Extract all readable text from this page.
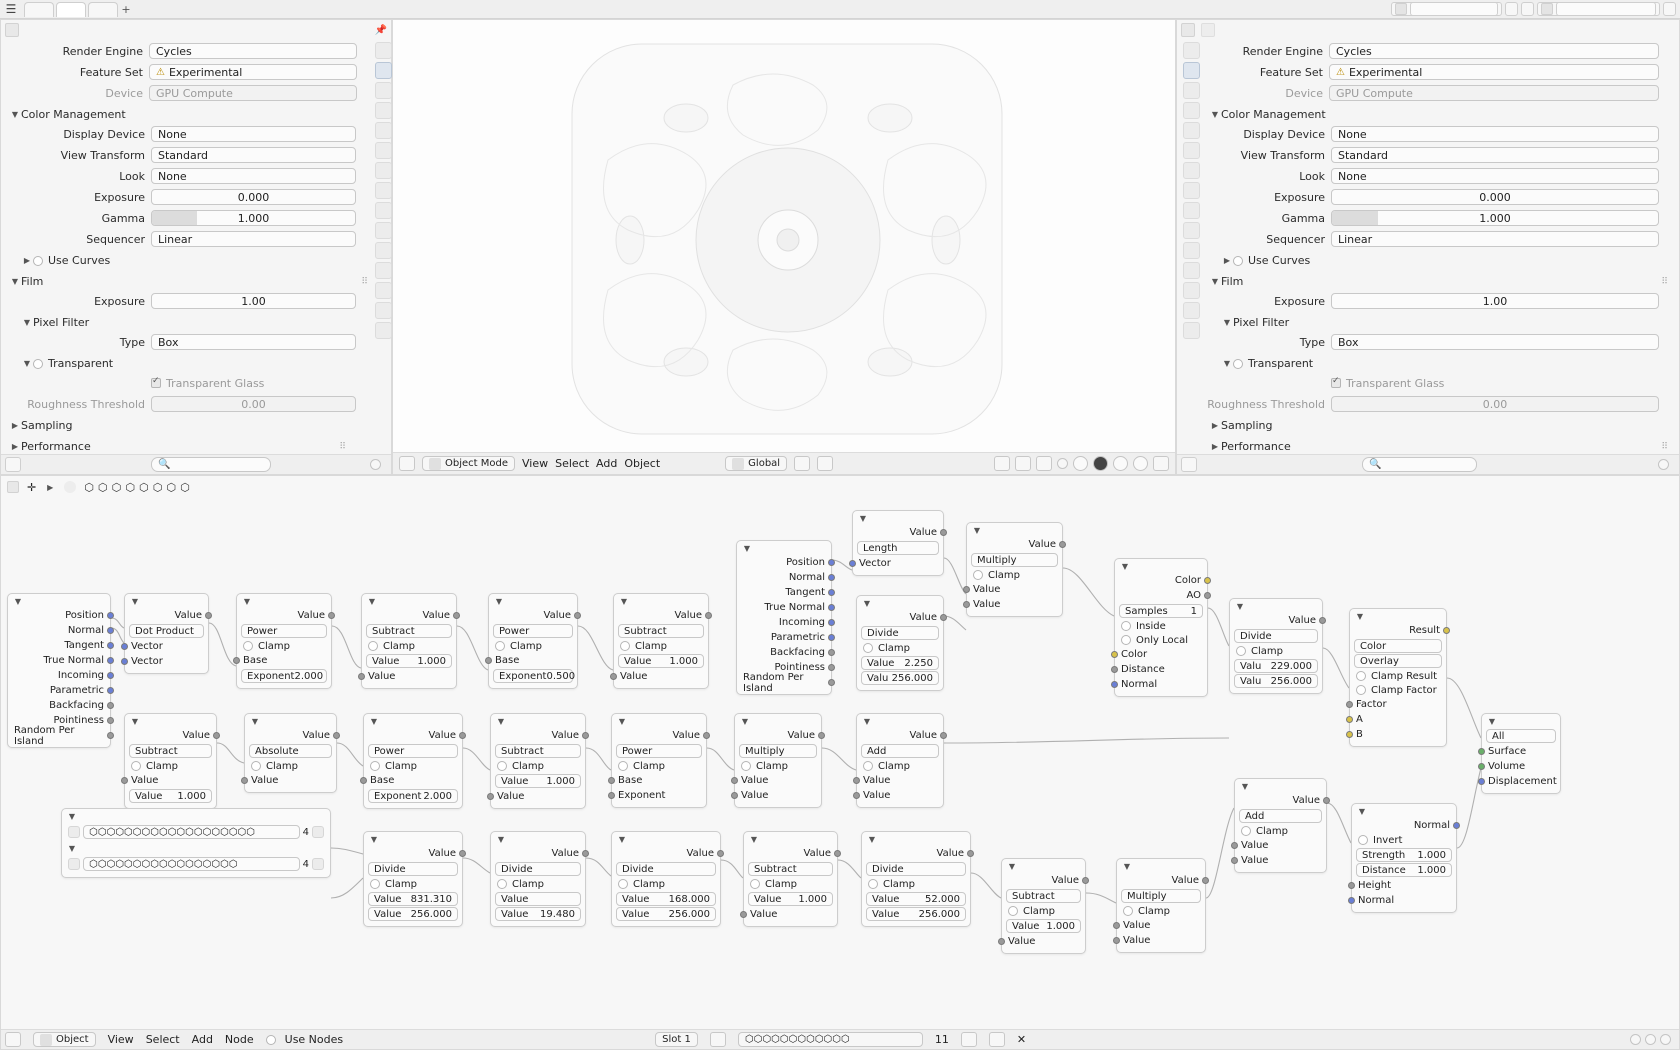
☰	+
📌
Render Engine	Cycles
Feature Set	⚠ Experimental
Device	GPU Compute
▼ Color Management
Display Device	None
View Transform	Standard
Look	None
Exposure	0.000
Gamma	1.000
Sequencer	Linear
▶ Use Curves
▼ Film	⠿
Exposure	1.00
▼ Pixel Filter
Type	Box
▼ Transparent
✓
Transparent Glass
Roughness Threshold	0.00
▶ Sampling
▶ Performance	⠿
🔍	Object Mode View Select Add Object	Global
Render Engine	Cycles
Feature Set	⚠ Experimental
Device	GPU Compute
▼ Color Management
Display Device	None
View Transform	Standard
Look	None
Exposure	0.000
Gamma	1.000
Sequencer	Linear
▶ Use Curves
▼ Film	⠿
Exposure	1.00
▼ Pixel Filter
Type	Box
▼ Transparent
✓
Transparent Glass
Roughness Threshold	0.00
▶ Sampling
▶ Performance	⠿
🔍
✛	▶	⬡ ⬡ ⬡ ⬡ ⬡ ⬡ ⬡ ⬡
▼
Position
Normal
Tangent
True Normal
Incoming
Parametric
Backfacing
Pointiness
Random Per Island
▼
Value
Dot Product
Vector
Vector
▼
Value
Power
Clamp
Base
Exponent 2.000
▼
Value
Subtract
Clamp
Value 1.000
Value
▼
Value
Power
Clamp
Base
Exponent 0.500
▼
Value
Subtract
Clamp
Value 1.000
Value
▼
Position
Normal
Tangent
True Normal
Incoming
Parametric
Backfacing
Pointiness
Random Per Island
▼
Value
Length
Vector
▼
Value
Divide
Clamp
Value 2.250
Valu 256.000
▼
Value
Multiply
Clamp
Value
Value
▼
Color
AO
Samples 1
Inside
Only Local
Color
Distance
Normal
▼
Value
Divide
Clamp
Valu 229.000
Valu 256.000
▼
Result
Color
Overlay
Clamp Result
Clamp Factor
Factor
A
B
▼
All
Surface
Volume
Displacement
▼
Value
Subtract
Clamp
Value
Value 1.000
▼
Value
Absolute
Clamp
Value
▼
Value
Power
Clamp
Base
Exponent 2.000
▼
Value
Subtract
Clamp
Value 1.000
Value
▼
Value
Power
Clamp
Base
Exponent
▼
Value
Multiply
Clamp
Value
Value
▼
Value
Add
Clamp
Value
Value
▼
Value
Add
Clamp
Value
Value
▼
Normal
Invert
Strength 1.000
Distance 1.000
Height
Normal
▼
Value
Divide
Clamp
Value 831.310
Value 256.000
▼
Value
Divide
Clamp
Value
Value 19.480
▼
Value
Divide
Clamp
Value 168.000
Value 256.000
▼
Value
Subtract
Clamp
Value 1.000
Value
▼
Value
Divide
Clamp
Value	52.000
Value 256.000
▼
Value
Subtract
Clamp
Value 1.000
Value
▼
Value
Multiply
Clamp
Value
Value
▼
⬡⬡⬡⬡⬡⬡⬡⬡⬡⬡⬡⬡⬡⬡⬡⬡⬡⬡⬡	4
▼
⬡⬡⬡⬡⬡⬡⬡⬡⬡⬡⬡⬡⬡⬡⬡⬡⬡	4
Object View Select Add Node	Use Nodes	Slot 1	⬡⬡⬡⬡⬡⬡⬡⬡⬡⬡⬡⬡	11	✕
